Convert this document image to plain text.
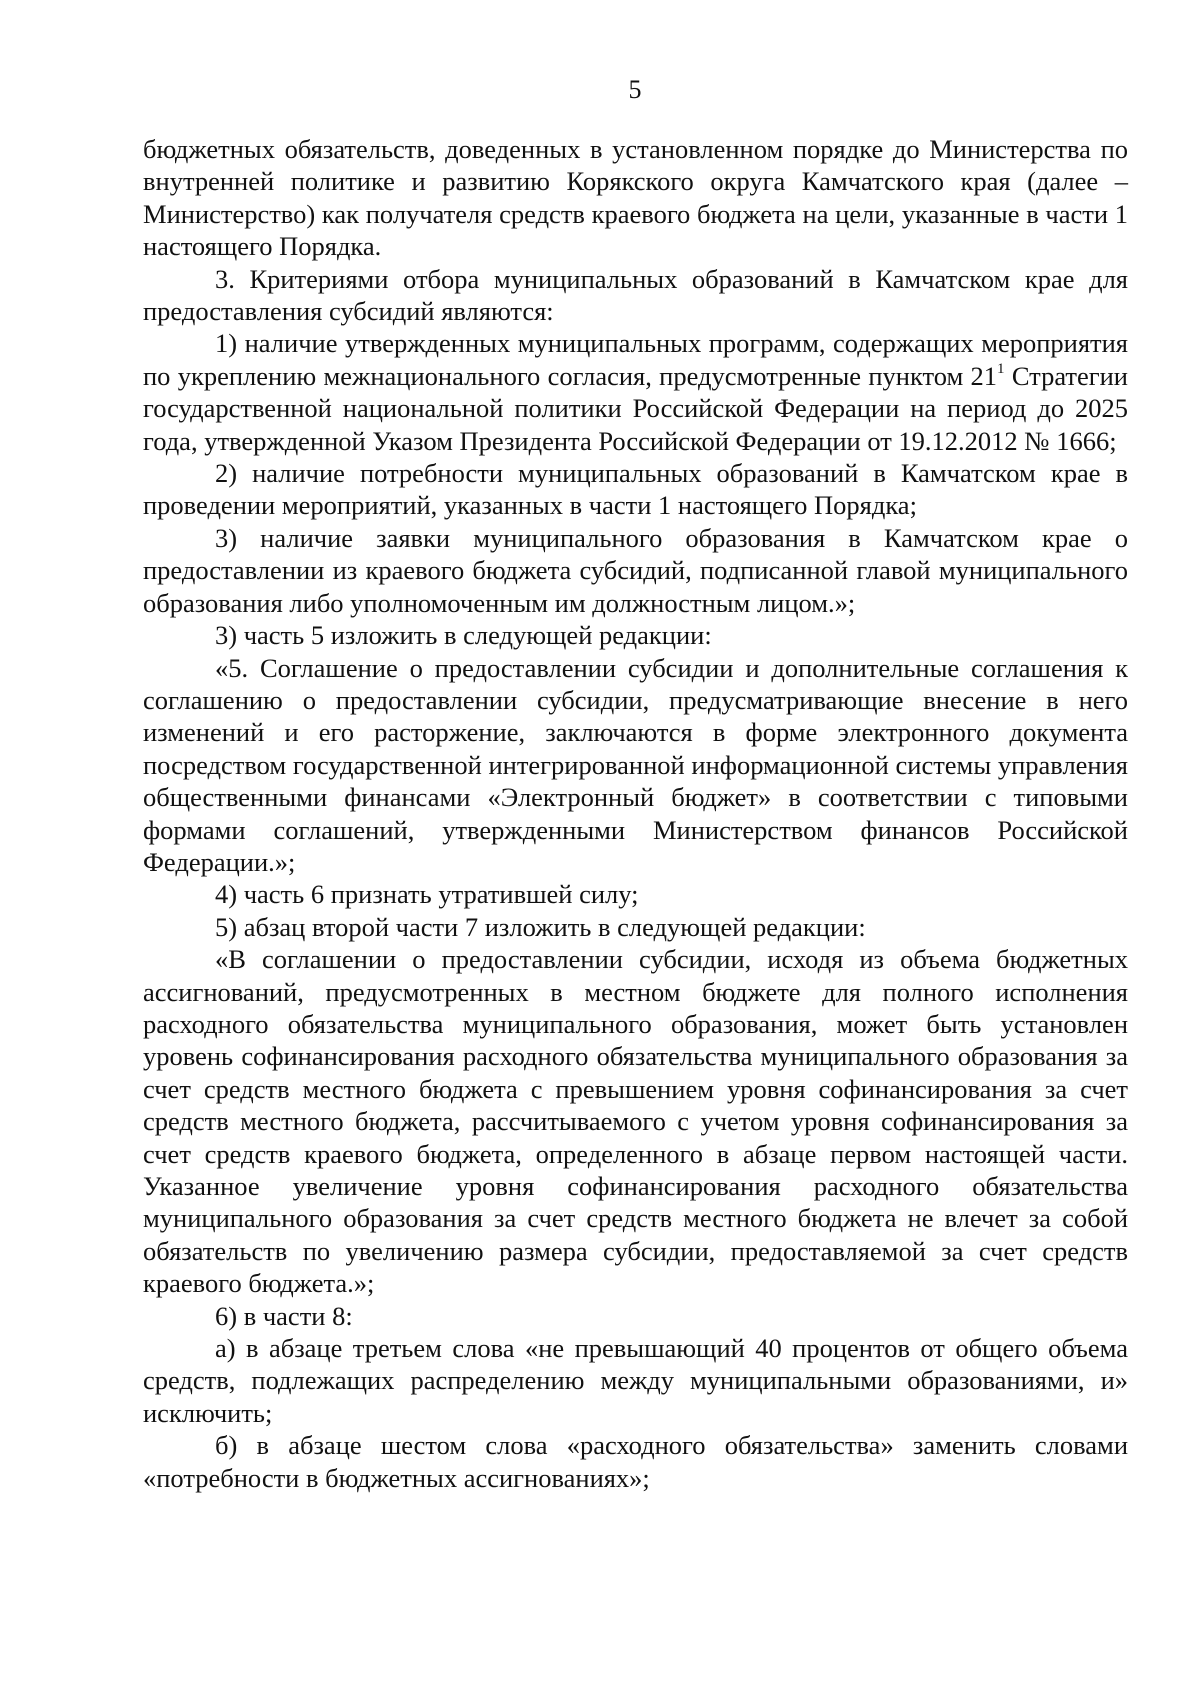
5

бюджетных обязательств, доведенных в установленном порядке до Министерства по внутренней политике и развитию Корякского округа Камчатского края (далее – Министерство) как получателя средств краевого бюджета на цели, указанные в части 1 настоящего Порядка.

3. Критериями отбора муниципальных образований в Камчатском крае для предоставления субсидий являются:

1) наличие утвержденных муниципальных программ, содержащих мероприятия по укреплению межнационального согласия, предусмотренные пунктом $21^1$ Стратегии государственной национальной политики Российской Федерации на период до 2025 года, утвержденной Указом Президента Российской Федерации от 19.12.2012 № 1666;

2) наличие потребности муниципальных образований в Камчатском крае в проведении мероприятий, указанных в части 1 настоящего Порядка;

3) наличие заявки муниципального образования в Камчатском крае о предоставлении из краевого бюджета субсидий, подписанной главой муниципального образования либо уполномоченным им должностным лицом.»;

3) часть 5 изложить в следующей редакции:

«5. Соглашение о предоставлении субсидии и дополнительные соглашения к соглашению о предоставлении субсидии, предусматривающие внесение в него изменений и его расторжение, заключаются в форме электронного документа посредством государственной интегрированной информационной системы управления общественными финансами «Электронный бюджет» в соответствии с типовыми формами соглашений, утвержденными Министерством финансов Российской Федерации.»;

4) часть 6 признать утратившей силу;

5) абзац второй части 7 изложить в следующей редакции:

«В соглашении о предоставлении субсидии, исходя из объема бюджетных ассигнований, предусмотренных в местном бюджете для полного исполнения расходного обязательства муниципального образования, может быть установлен уровень софинансирования расходного обязательства муниципального образования за счет средств местного бюджета с превышением уровня софинансирования за счет средств местного бюджета, рассчитываемого с учетом уровня софинансирования за счет средств краевого бюджета, определенного в абзаце первом настоящей части. Указанное увеличение уровня софинансирования расходного обязательства муниципального образования за счет средств местного бюджета не влечет за собой обязательств по увеличению размера субсидии, предоставляемой за счет средств краевого бюджета.»;

6) в части 8:

а) в абзаце третьем слова «не превышающий 40 процентов от общего объема средств, подлежащих распределению между муниципальными образованиями, и» исключить;

б) в абзаце шестом слова «расходного обязательства» заменить словами «потребности в бюджетных ассигнованиях»;
